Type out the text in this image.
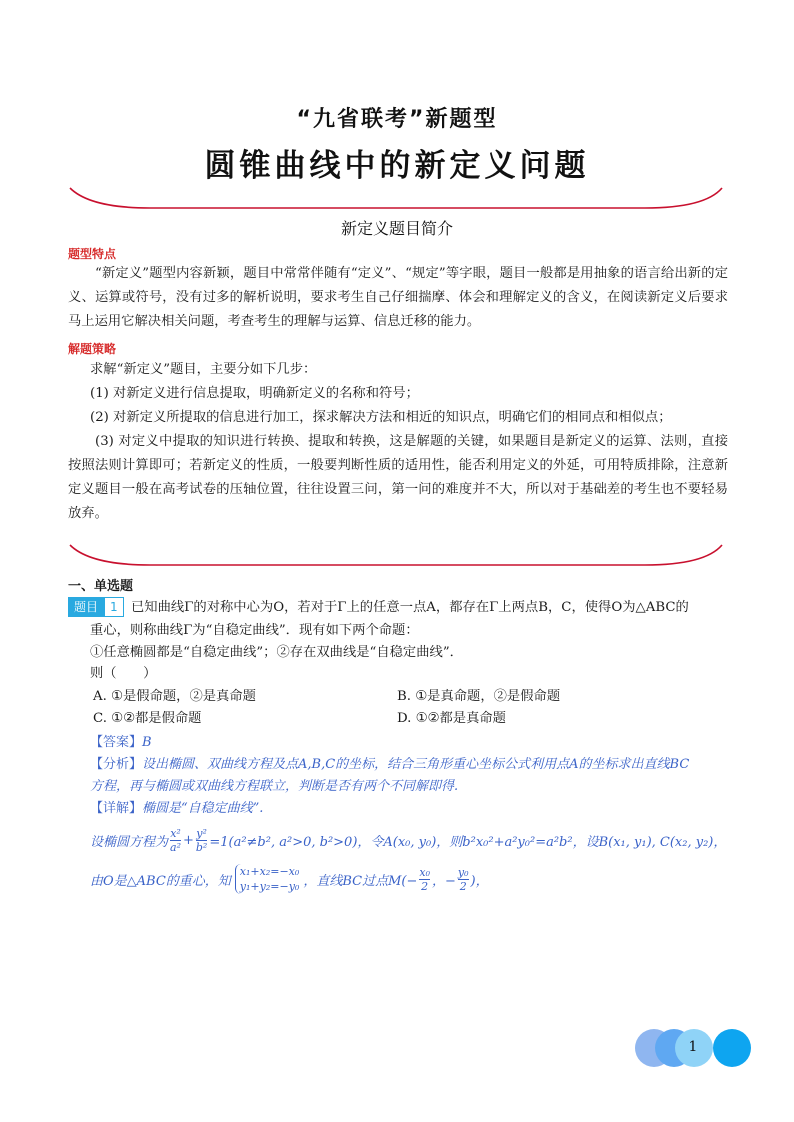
“九省联考”新题型
圆锥曲线中的新定义问题
新定义题目简介
题型特点
“新定义”题型内容新颖，题目中常常伴随有“定义”、“规定”等字眼，题目一般都是用抽象的语言给出新的定义、运算或符号，没有过多的解析说明，要求考生自己仔细揣摩、体会和理解定义的含义，在阅读新定义后要求马上运用它解决相关问题，考查考生的理解与运算、信息迁移的能力。
解题策略
求解“新定义”题目，主要分如下几步：
(1) 对新定义进行信息提取，明确新定义的名称和符号；
(2) 对新定义所提取的信息进行加工，探求解决方法和相近的知识点，明确它们的相同点和相似点；
(3) 对定义中提取的知识进行转换、提取和转换，这是解题的关键，如果题目是新定义的运算、法则，直接按照法则计算即可；若新定义的性质，一般要判断性质的适用性，能否利用定义的外延，可用特质排除，注意新定义题目一般在高考试卷的压轴位置，往往设置三问，第一问的难度并不大，所以对于基础差的考生也不要轻易放弃。
一、单选题
题目	1	已知曲线Γ的对称中心为O，若对于Γ上的任意一点A，都存在Γ上两点B，C，使得O为△ABC的
重心，则称曲线Γ为“自稳定曲线”．现有如下两个命题：
①任意椭圆都是“自稳定曲线”；②存在双曲线是“自稳定曲线”．
则（　　）
A. ①是假命题，②是真命题	B. ①是真命题，②是假命题
C. ①②都是假命题	D. ①②都是真命题
【答案】B
【分析】设出椭圆、双曲线方程及点A,B,C的坐标，结合三角形重心坐标公式利用点A的坐标求出直线BC
方程，再与椭圆或双曲线方程联立，判断是否有两个不同解即得.
【详解】椭圆是“自稳定曲线”.
设椭圆方程为 $\frac{\text{x²}}{\text{a²}} + \frac{\text{y²}}{\text{b²}} =1(a^2\ne b^2$, a²>0, b²>0)，令A(x₀, y₀)，则b²x₀²+a²y₀²=a²b²，设B(x₁, y₁), C(x₂, y₂)，
由O是△ABC的重心，知
x₁+x₂=−x₀
y₁+y₂=−y₀ ，直线BC过点$M(- \frac{\text{x₀}}{2}$ ，− $\frac{\text{y₀}}{2}$ )，
1
